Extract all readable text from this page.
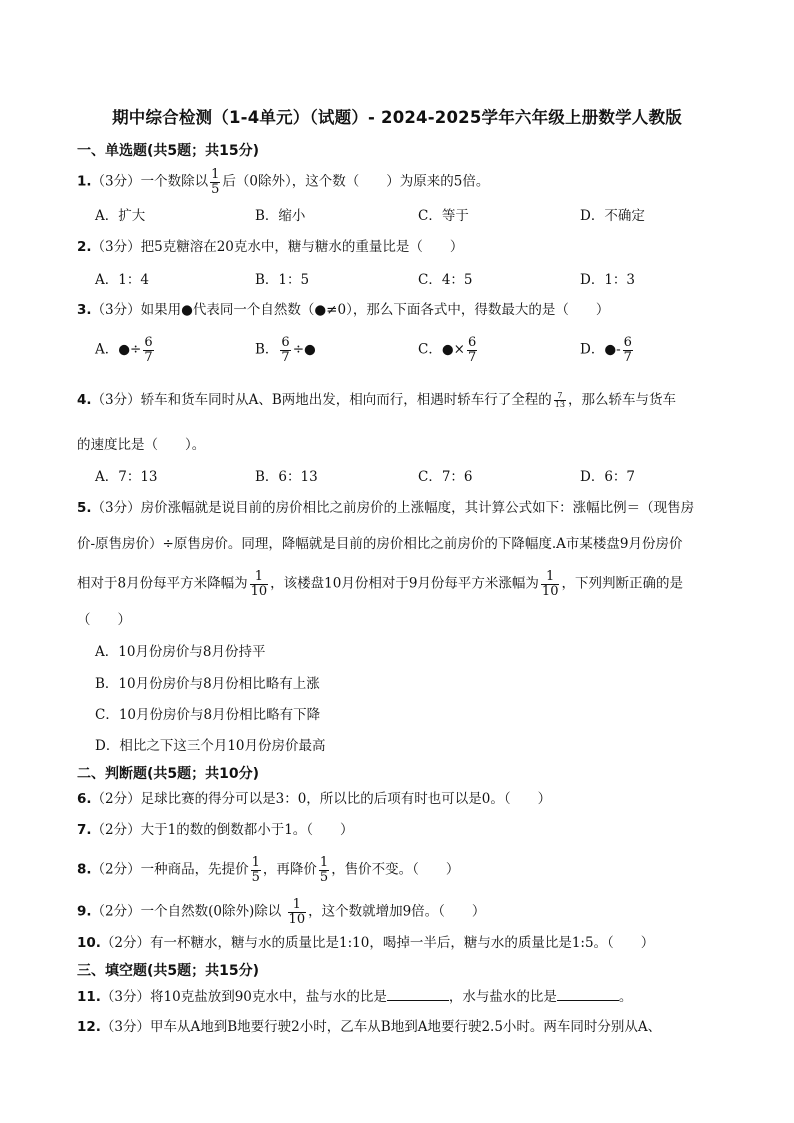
期中综合检测（1-4单元）（试题）- 2024-2025学年六年级上册数学人教版
一、单选题(共5题；共15分)
1.（3分）一个数除以 $\frac{1}{5}$ 后（0除外），这个数（　　）为原来的5倍。
A．扩大	B．缩小	C．等于	D．不确定
2.（3分）把5克糖溶在20克水中，糖与糖水的重量比是（　　）
A．1：4	B．1：5	C．4：5	D．1：3
3.（3分）如果用●代表同一个自然数（●≠0），那么下面各式中，得数最大的是（　　）
A．●÷ $\frac{6}{7}$	B． $\frac{6}{7}$ ÷●	C．●× $\frac{6}{7}$	D．●- $\frac{6}{7}$
4.（3分）轿车和货车同时从A、B两地出发，相向而行，相遇时轿车行了全程的 $\frac{7}{13}$ ，那么轿车与货车
的速度比是（　　）。
A．7：13	B．6：13	C．7：6	D．6：7
5.（3分）房价涨幅就是说目前的房价相比之前房价的上涨幅度，其计算公式如下：涨幅比例＝（现售房
价-原售房价）÷原售房价。同理，降幅就是目前的房价相比之前房价的下降幅度.A市某楼盘9月份房价
相对于8月份每平方米降幅为 $\frac{1}{10}$ ，该楼盘10月份相对于9月份每平方米涨幅为 $\frac{1}{10}$ ，下列判断正确的是
（　　）
A．10月份房价与8月份持平
B．10月份房价与8月份相比略有上涨
C．10月份房价与8月份相比略有下降
D．相比之下这三个月10月份房价最高
二、判断题(共5题；共10分)
6.（2分）足球比赛的得分可以是3：0，所以比的后项有时也可以是0。（　　）
7.（2分）大于1的数的倒数都小于1。（　　）
8.（2分）一种商品，先提价 $\frac{1}{5}$ ，再降价 $\frac{1}{5}$ ，售价不变。（　　）
9.（2分）一个自然数(0除外)除以 $\frac{1}{10}$ ，这个数就增加9倍。（　　）
10.（2分）有一杯糖水，糖与水的质量比是1:10，喝掉一半后，糖与水的质量比是1:5。（　　）
三、填空题(共5题；共15分)
11.（3分）将10克盐放到90克水中，盐与水的比是	，水与盐水的比是	。
12.（3分）甲车从A地到B地要行驶2小时，乙车从B地到A地要行驶2.5小时。两车同时分别从A、
